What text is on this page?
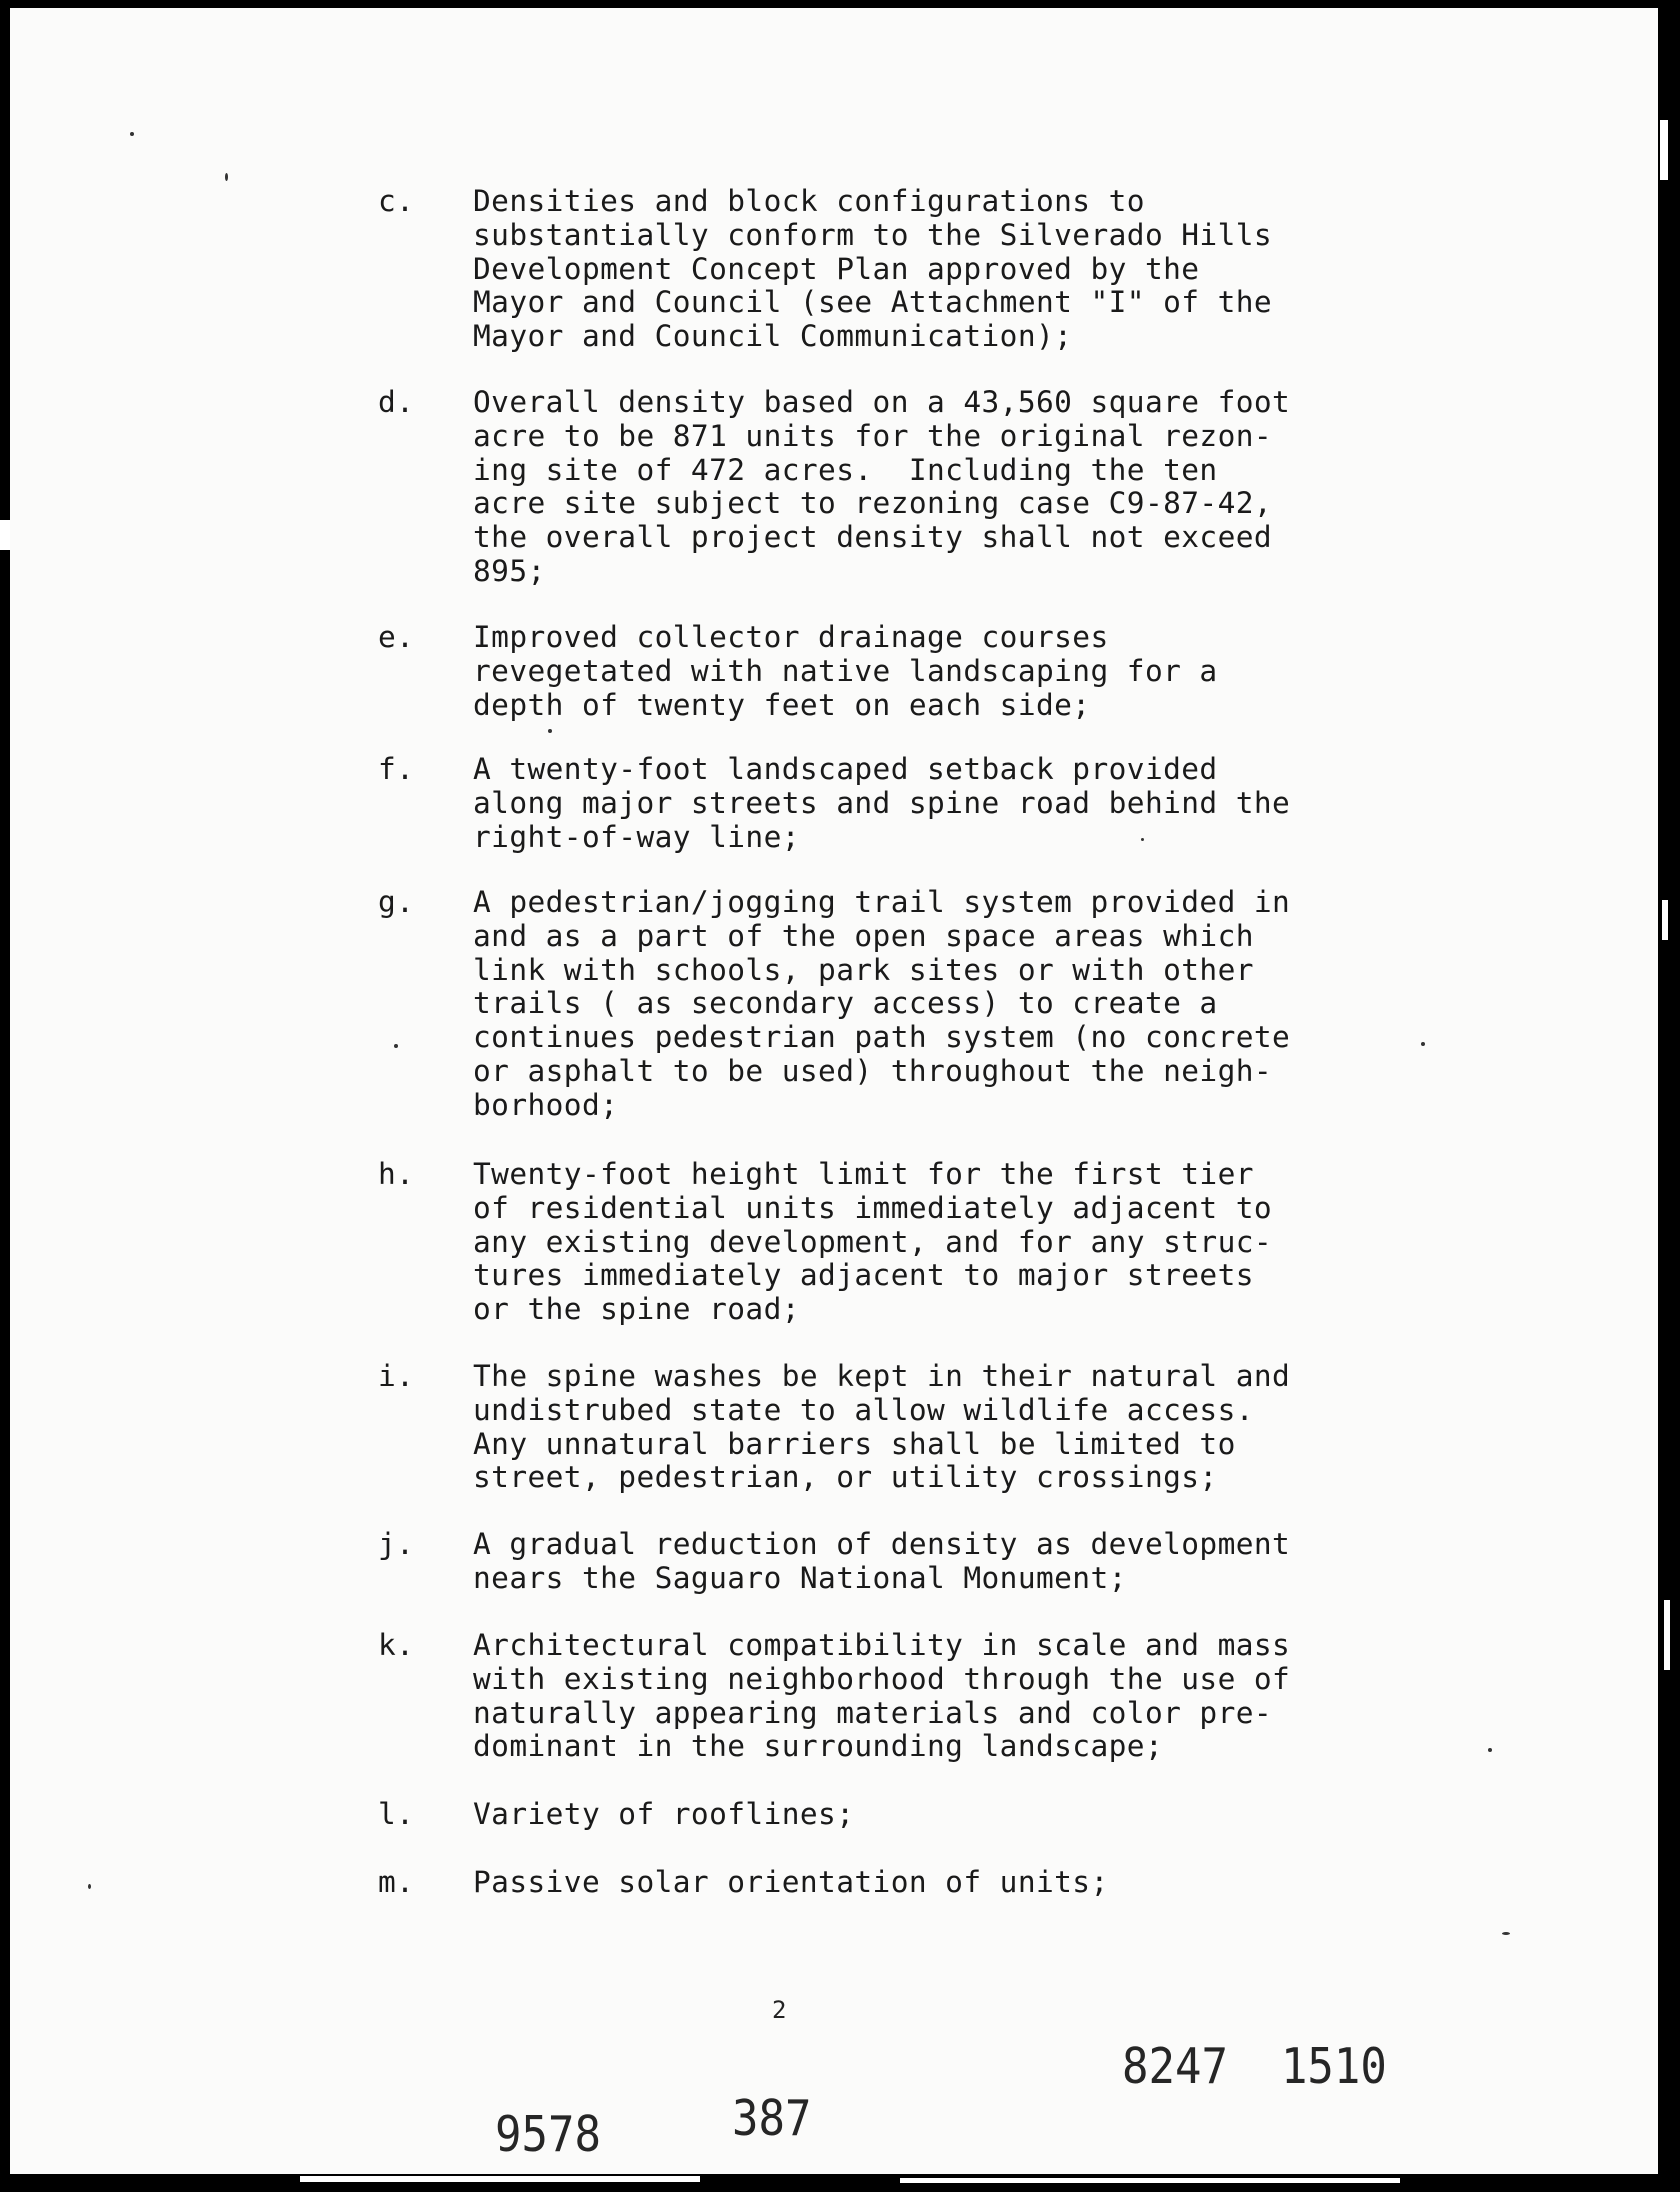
c. Densities and block configurations to
substantially conform to the Silverado Hills
Development Concept Plan approved by the
Mayor and Council (see Attachment "I" of the
Mayor and Council Communication);
d. Overall density based on a 43,560 square foot
acre to be 871 units for the original rezon-
ing site of 472 acres.  Including the ten
acre site subject to rezoning case C9-87-42,
the overall project density shall not exceed
895;
e. Improved collector drainage courses
revegetated with native landscaping for a
depth of twenty feet on each side;
f. A twenty-foot landscaped setback provided
along major streets and spine road behind the
right-of-way line;
g. A pedestrian/jogging trail system provided in
and as a part of the open space areas which
link with schools, park sites or with other
trails ( as secondary access) to create a
continues pedestrian path system (no concrete
or asphalt to be used) throughout the neigh-
borhood;
h. Twenty-foot height limit for the first tier
of residential units immediately adjacent to
any existing development, and for any struc-
tures immediately adjacent to major streets
or the spine road;
i. The spine washes be kept in their natural and
undistrubed state to allow wildlife access.
Any unnatural barriers shall be limited to
street, pedestrian, or utility crossings;
j. A gradual reduction of density as development
nears the Saguaro National Monument;
k. Architectural compatibility in scale and mass
with existing neighborhood through the use of
naturally appearing materials and color pre-
dominant in the surrounding landscape;
l. Variety of rooflines;
m. Passive solar orientation of units;
2
8247  1510
9578	387
